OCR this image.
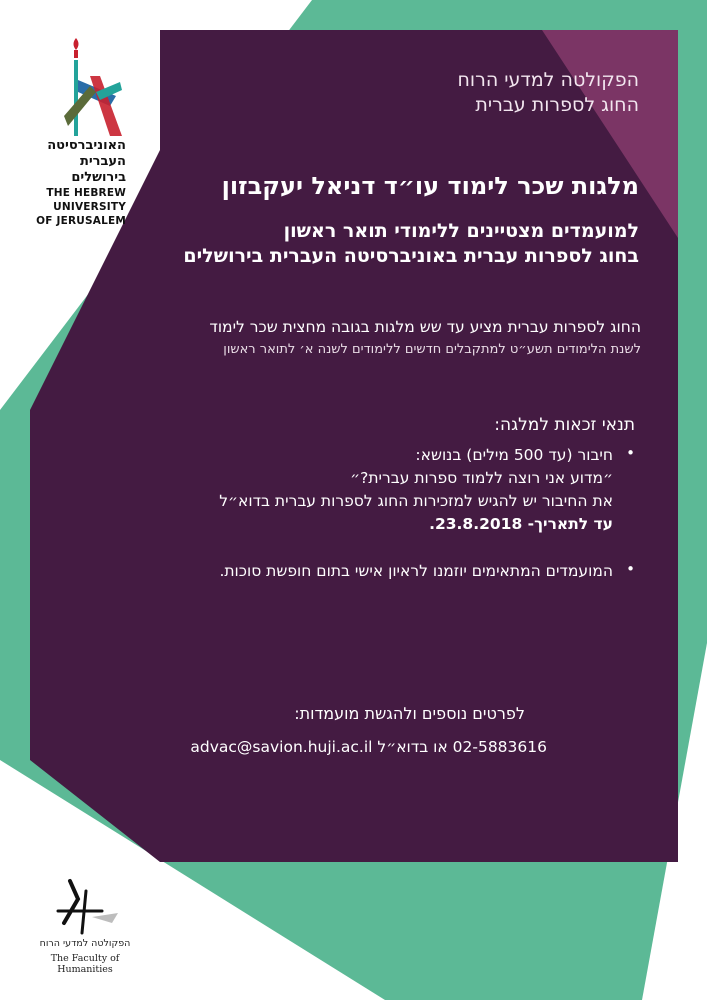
האוניברסיטה
העברית
בירושלים
THE HEBREW
UNIVERSITY
OF JERUSALEM
הפקולטה למדעי הרוח
החוג לספרות עברית
מלגות שכר לימוד עו״ד דניאל יעקבזון
למועמדים מצטיינים ללימודי תואר ראשון
בחוג לספרות עברית באוניברסיטה העברית בירושלים
החוג לספרות עברית מציע עד שש מלגות בגובה מחצית שכר לימוד
לשנת הלימודים תשע״ט למתקבלים חדשים ללימודים לשנה א׳ לתואר ראשון
תנאי זכאות למלגה:
•
חיבור (עד 500 מילים) בנושא:
״מדוע אני רוצה ללמוד ספרות עברית?״
את החיבור יש להגיש למזכירות החוג לספרות עברית בדוא״ל
עד לתאריך- 23.8.2018.
•
המועמדים המתאימים יוזמנו לראיון אישי בתום חופשת סוכות.
לפרטים נוספים ולהגשת מועמדות:
02-5883616 או בדוא״ל advac@savion.huji.ac.il
הפקולטה למדעי הרוח
The Faculty of Humanities
